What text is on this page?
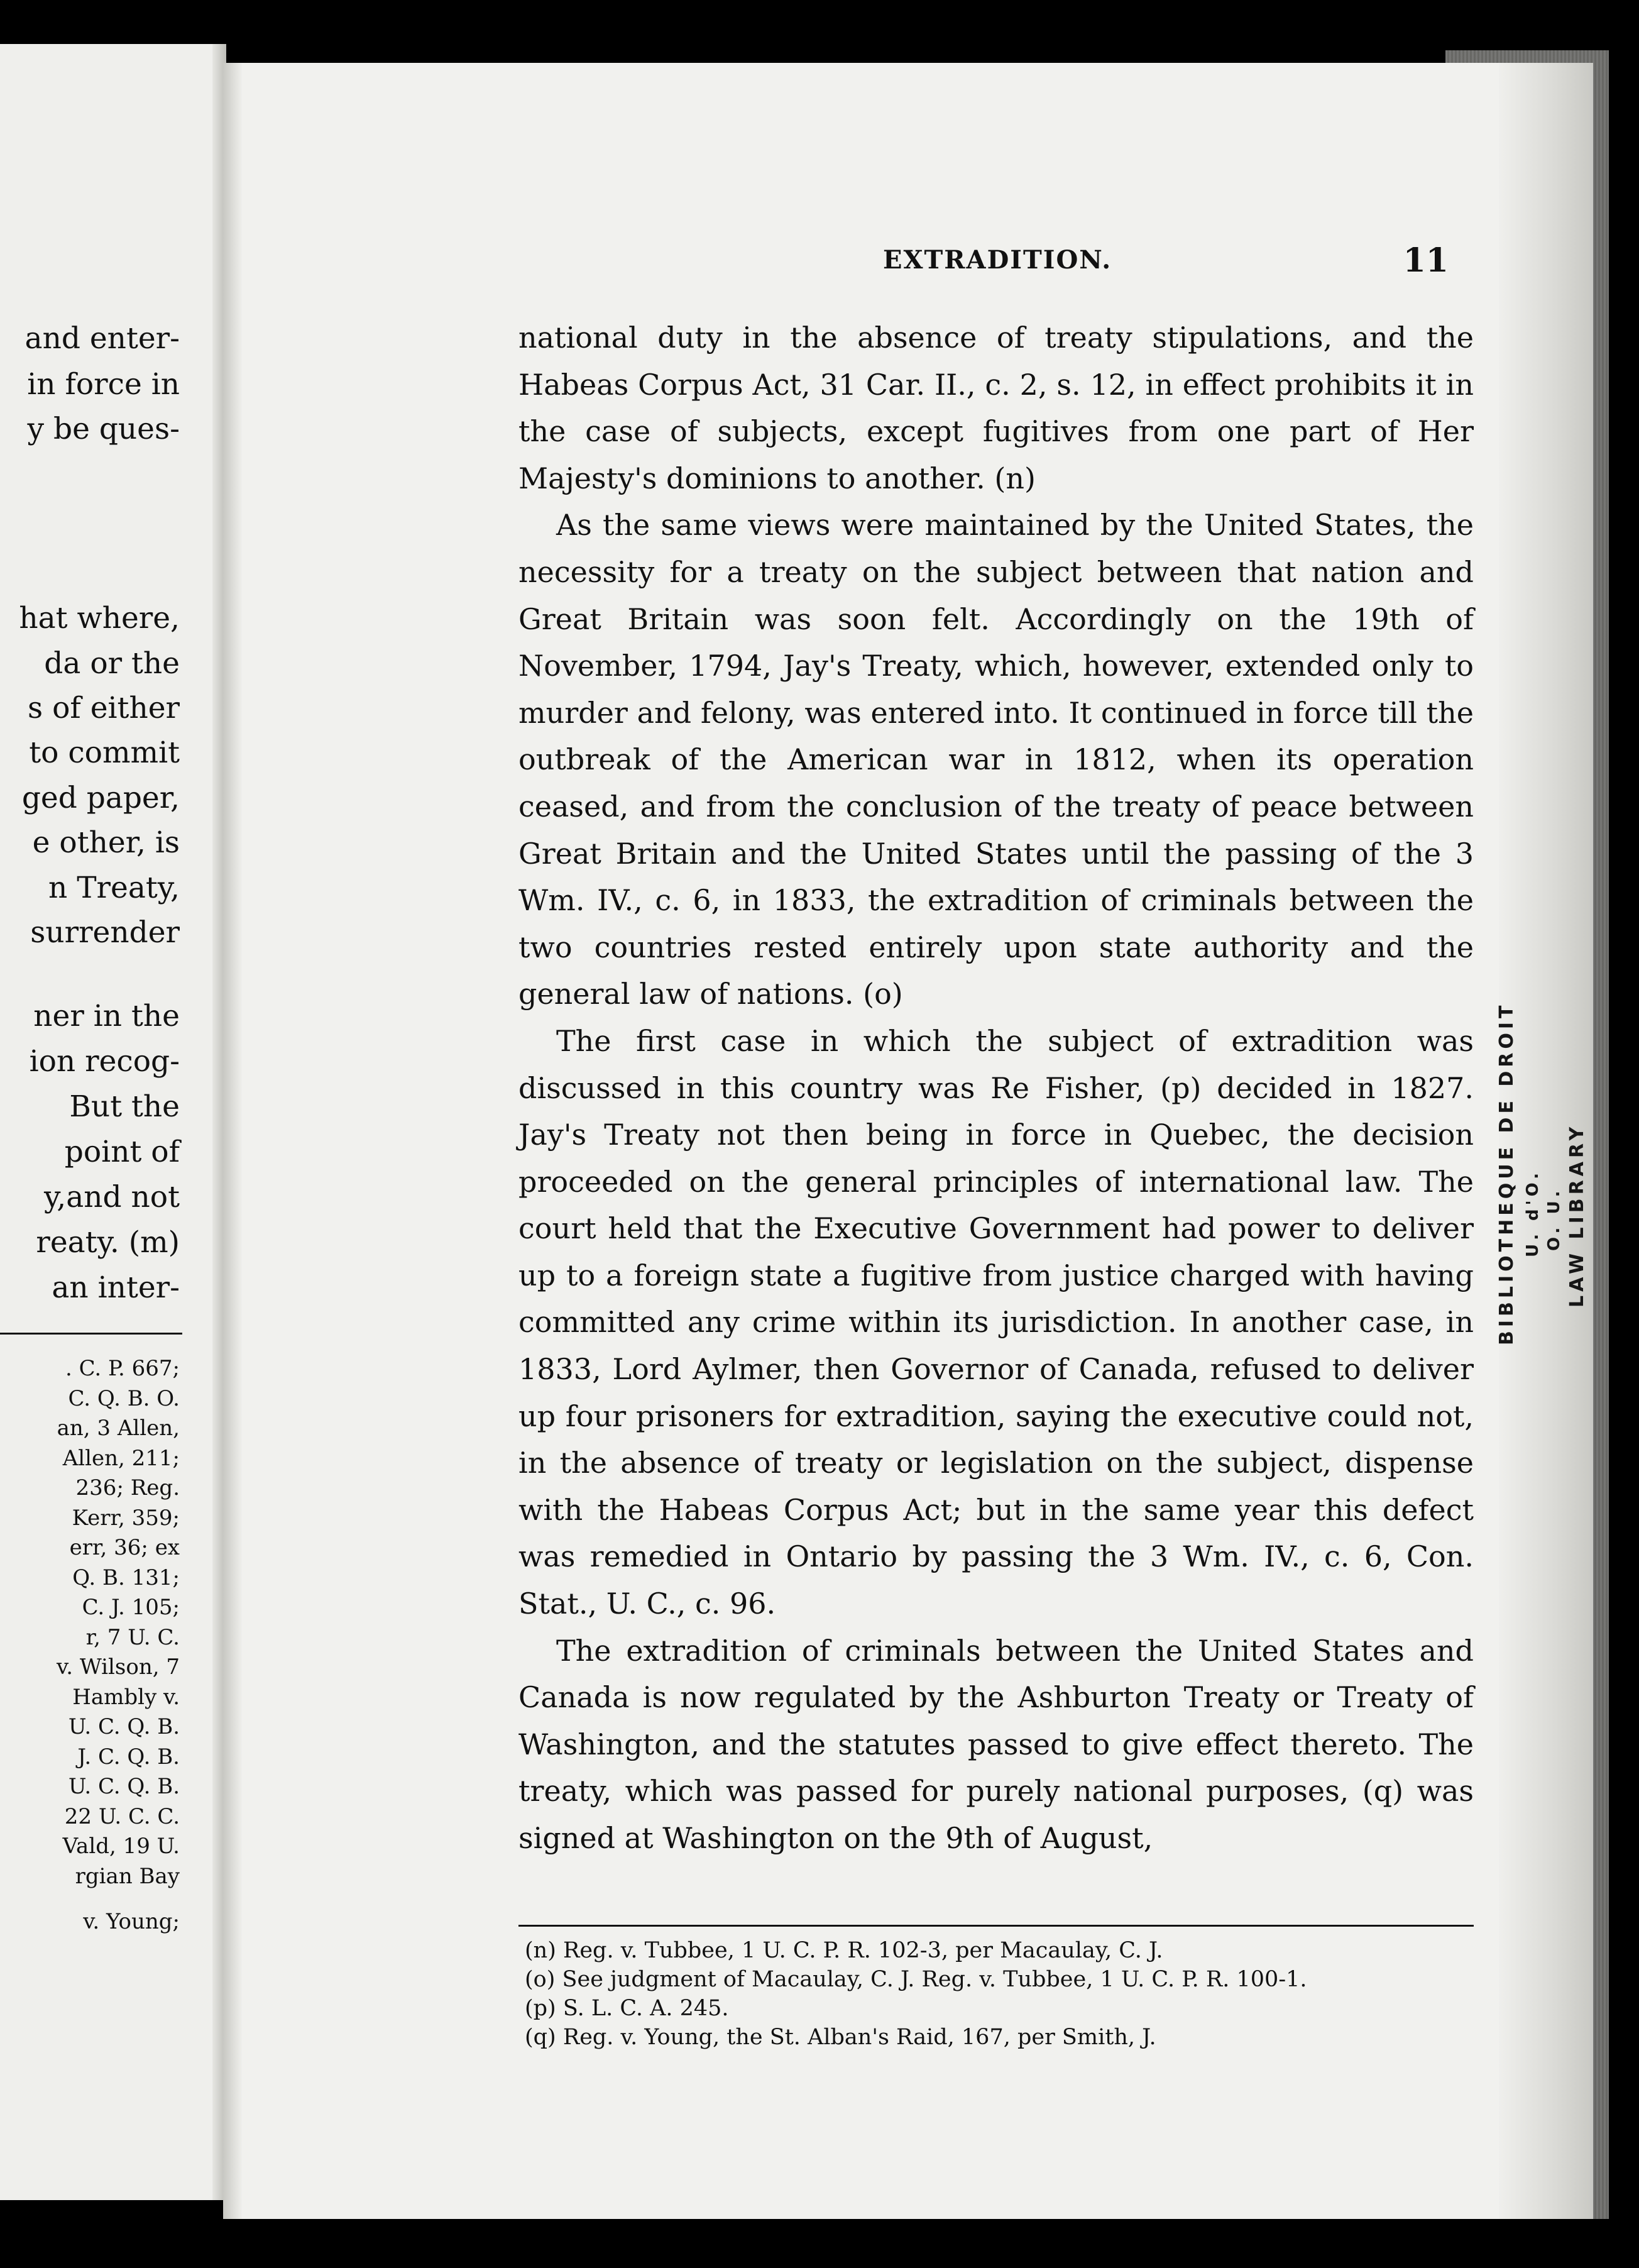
and enter-
in force in
y be ques-
hat where,
da or the
s of either
to commit
ged paper,
e other, is
n Treaty,
surrender
ner in the
ion recog-
But the
point of
y,and not
reaty. (m)
an inter-
. C. P. 667;
C. Q. B. O.
an, 3 Allen,
Allen, 211;
236; Reg.
Kerr, 359;
err, 36; ex
Q. B. 131;
C. J. 105;
r, 7 U. C.
v. Wilson, 7
Hambly v.
U. C. Q. B.
J. C. Q. B.
U. C. Q. B.
22 U. C. C.
Vald, 19 U.
rgian Bay
v. Young;
EXTRADITION.	11

national duty in the absence of treaty stipulations, and the Habeas Corpus Act, 31 Car. II., c. 2, s. 12, in effect prohibits it in the case of subjects, except fugitives from one part of Her Majesty's dominions to another. (n)

As the same views were maintained by the United States, the necessity for a treaty on the subject between that nation and Great Britain was soon felt. Accordingly on the 19th of November, 1794, Jay's Treaty, which, however, extended only to murder and felony, was entered into. It continued in force till the outbreak of the American war in 1812, when its operation ceased, and from the conclusion of the treaty of peace between Great Britain and the United States until the passing of the 3 Wm. IV., c. 6, in 1833, the extradition of criminals between the two countries rested entirely upon state authority and the general law of nations. (o)

The first case in which the subject of extradition was discussed in this country was Re Fisher, (p) decided in 1827. Jay's Treaty not then being in force in Quebec, the decision proceeded on the general principles of international law. The court held that the Executive Government had power to deliver up to a foreign state a fugitive from justice charged with having committed any crime within its jurisdiction. In another case, in 1833, Lord Aylmer, then Governor of Canada, refused to deliver up four prisoners for extradition, saying the executive could not, in the absence of treaty or legislation on the subject, dispense with the Habeas Corpus Act; but in the same year this defect was remedied in Ontario by passing the 3 Wm. IV., c. 6, Con. Stat., U. C., c. 96.

The extradition of criminals between the United States and Canada is now regulated by the Ashburton Treaty or Treaty of Washington, and the statutes passed to give effect thereto. The treaty, which was passed for purely national purposes, (q) was signed at Washington on the 9th of August,

(n) Reg. v. Tubbee, 1 U. C. P. R. 102-3, per Macaulay, C. J.

(o) See judgment of Macaulay, C. J. Reg. v. Tubbee, 1 U. C. P. R. 100-1.

(p) S. L. C. A. 245.

(q) Reg. v. Young, the St. Alban's Raid, 167, per Smith, J.

BIBLIOTHEQUE DE DROIT U. d'O. O. U. LAW LIBRARY
